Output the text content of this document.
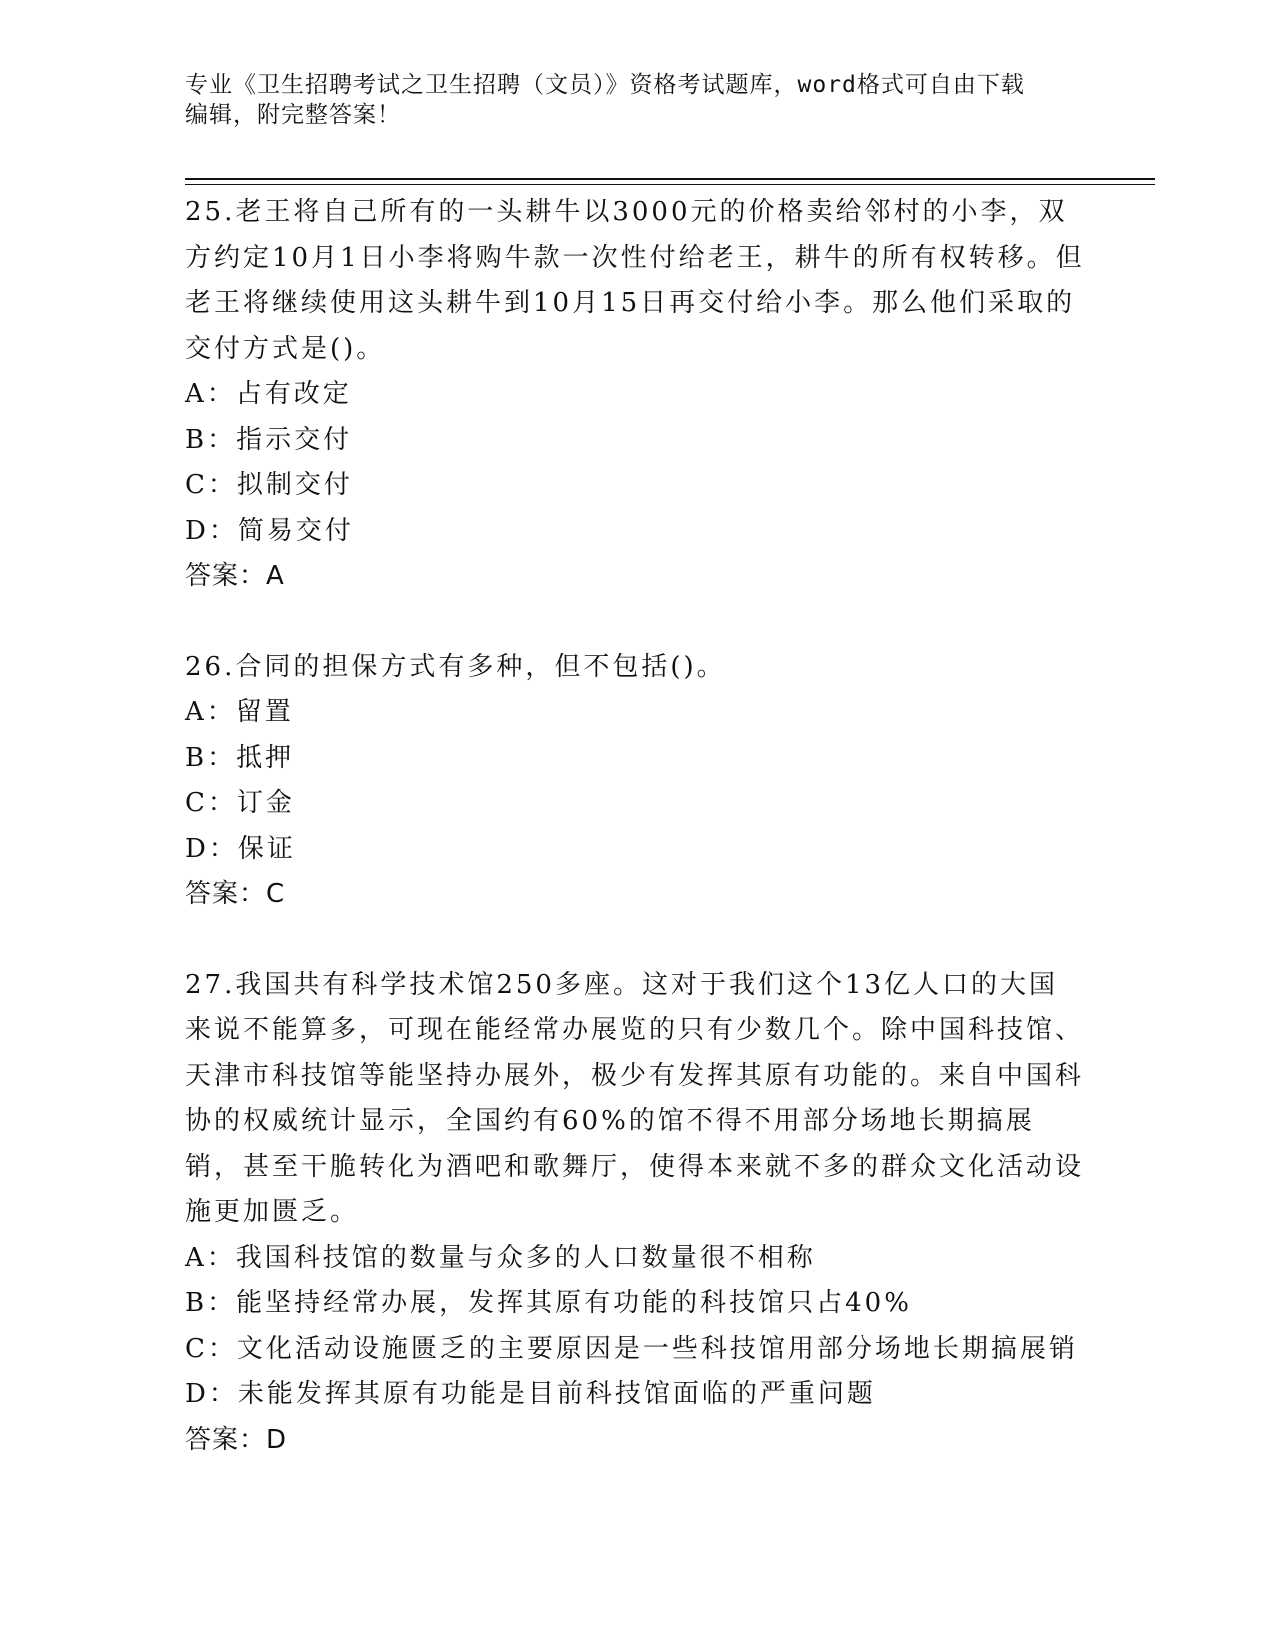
专业《卫生招聘考试之卫生招聘（文员）》资格考试题库，word格式可自由下载
编辑，附完整答案！

25.老王将自己所有的一头耕牛以3000元的价格卖给邻村的小李，双方约定10月1日小李将购牛款一次性付给老王，耕牛的所有权转移。但老王将继续使用这头耕牛到10月15日再交付给小李。那么他们采取的交付方式是()。

A：占有改定

B：指示交付

C：拟制交付

D：简易交付

答案：A

26.合同的担保方式有多种，但不包括()。

A：留置

B：抵押

C：订金

D：保证

答案：C

27.我国共有科学技术馆250多座。这对于我们这个13亿人口的大国来说不能算多，可现在能经常办展览的只有少数几个。除中国科技馆、天津市科技馆等能坚持办展外，极少有发挥其原有功能的。来自中国科协的权威统计显示，全国约有60%的馆不得不用部分场地长期搞展销，甚至干脆转化为酒吧和歌舞厅，使得本来就不多的群众文化活动设施更加匮乏。

A：我国科技馆的数量与众多的人口数量很不相称

B：能坚持经常办展，发挥其原有功能的科技馆只占40%

C：文化活动设施匮乏的主要原因是一些科技馆用部分场地长期搞展销

D：未能发挥其原有功能是目前科技馆面临的严重问题

答案：D
